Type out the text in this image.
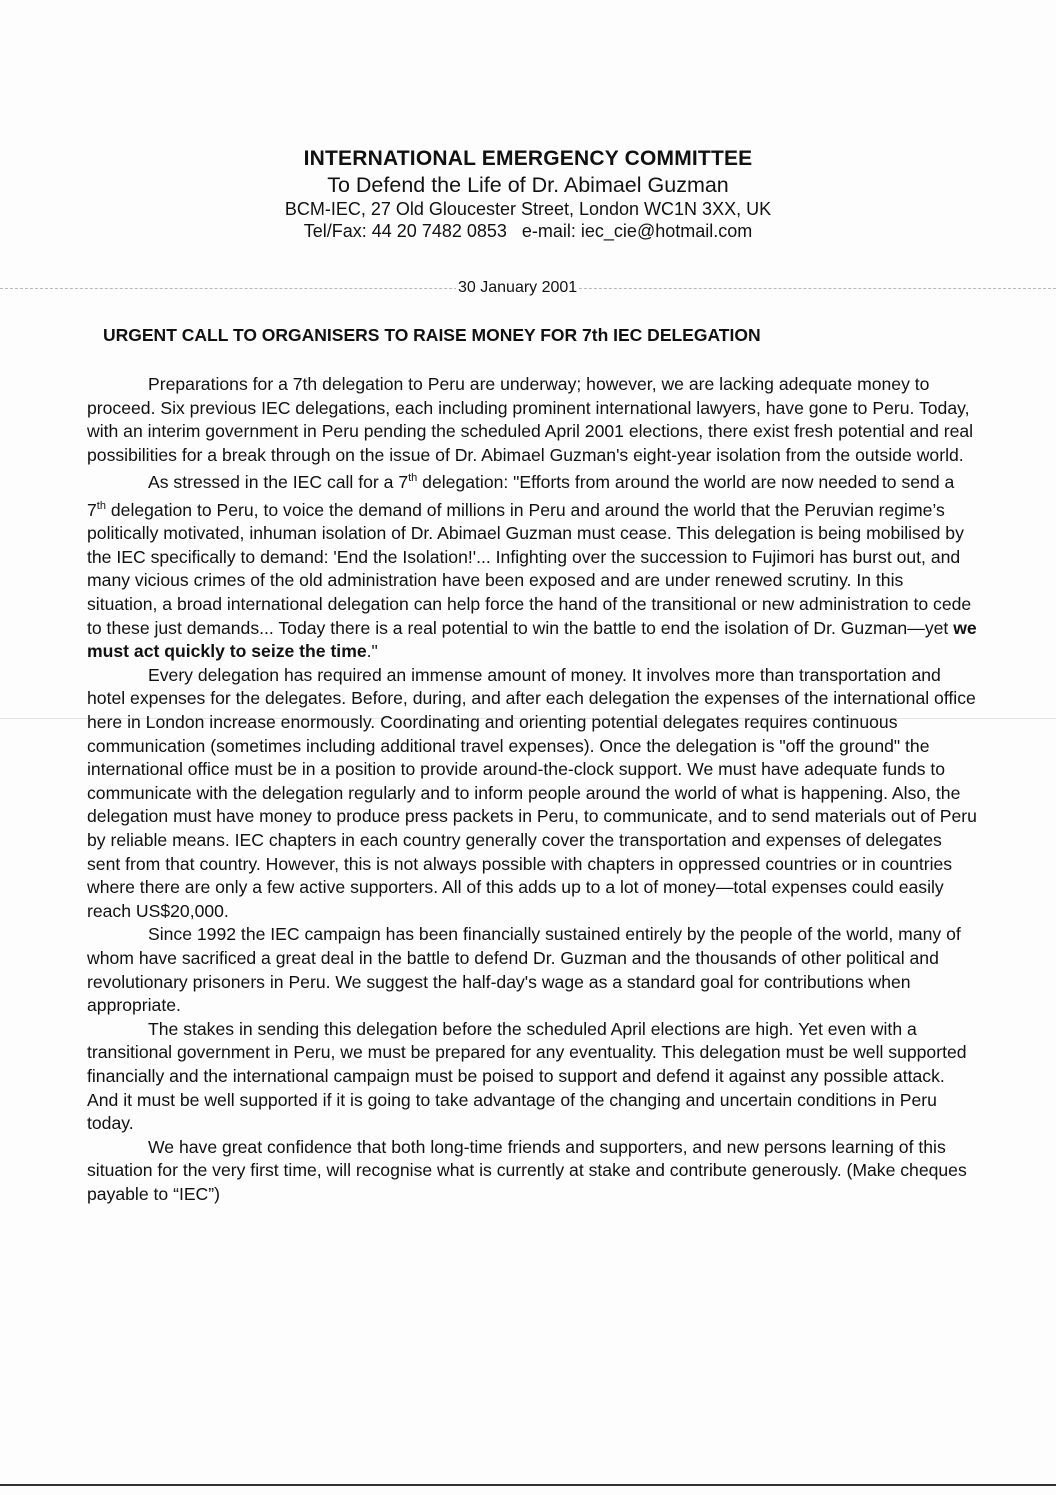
INTERNATIONAL EMERGENCY COMMITTEE
To Defend the Life of Dr. Abimael Guzman
BCM-IEC, 27 Old Gloucester Street, London WC1N 3XX, UK
Tel/Fax: 44 20 7482 0853   e-mail: iec_cie@hotmail.com
30 January 2001
URGENT CALL TO ORGANISERS TO RAISE MONEY FOR 7th IEC DELEGATION

Preparations for a 7th delegation to Peru are underway; however, we are lacking adequate money to proceed. Six previous IEC delegations, each including prominent international lawyers, have gone to Peru. Today, with an interim government in Peru pending the scheduled April 2001 elections, there exist fresh potential and real possibilities for a break through on the issue of Dr. Abimael Guzman's eight-year isolation from the outside world.

As stressed in the IEC call for a 7th delegation: "Efforts from around the world are now needed to send a 7th delegation to Peru, to voice the demand of millions in Peru and around the world that the Peruvian regime’s politically motivated, inhuman isolation of Dr. Abimael Guzman must cease. This delegation is being mobilised by the IEC specifically to demand: 'End the Isolation!'... Infighting over the succession to Fujimori has burst out, and many vicious crimes of the old administration have been exposed and are under renewed scrutiny. In this situation, a broad international delegation can help force the hand of the transitional or new administration to cede to these just demands... Today there is a real potential to win the battle to end the isolation of Dr. Guzman—yet we must act quickly to seize the time."

Every delegation has required an immense amount of money. It involves more than transportation and hotel expenses for the delegates. Before, during, and after each delegation the expenses of the international office here in London increase enormously. Coordinating and orienting potential delegates requires continuous communication (sometimes including additional travel expenses). Once the delegation is "off the ground" the international office must be in a position to provide around-the-clock support. We must have adequate funds to communicate with the delegation regularly and to inform people around the world of what is happening. Also, the delegation must have money to produce press packets in Peru, to communicate, and to send materials out of Peru by reliable means. IEC chapters in each country generally cover the transportation and expenses of delegates sent from that country. However, this is not always possible with chapters in oppressed countries or in countries where there are only a few active supporters. All of this adds up to a lot of money—total expenses could easily reach US$20,000.

Since 1992 the IEC campaign has been financially sustained entirely by the people of the world, many of whom have sacrificed a great deal in the battle to defend Dr. Guzman and the thousands of other political and revolutionary prisoners in Peru. We suggest the half-day's wage as a standard goal for contributions when appropriate.

The stakes in sending this delegation before the scheduled April elections are high. Yet even with a transitional government in Peru, we must be prepared for any eventuality. This delegation must be well supported financially and the international campaign must be poised to support and defend it against any possible attack. And it must be well supported if it is going to take advantage of the changing and uncertain conditions in Peru today.

We have great confidence that both long-time friends and supporters, and new persons learning of this situation for the very first time, will recognise what is currently at stake and contribute generously. (Make cheques payable to “IEC”)
